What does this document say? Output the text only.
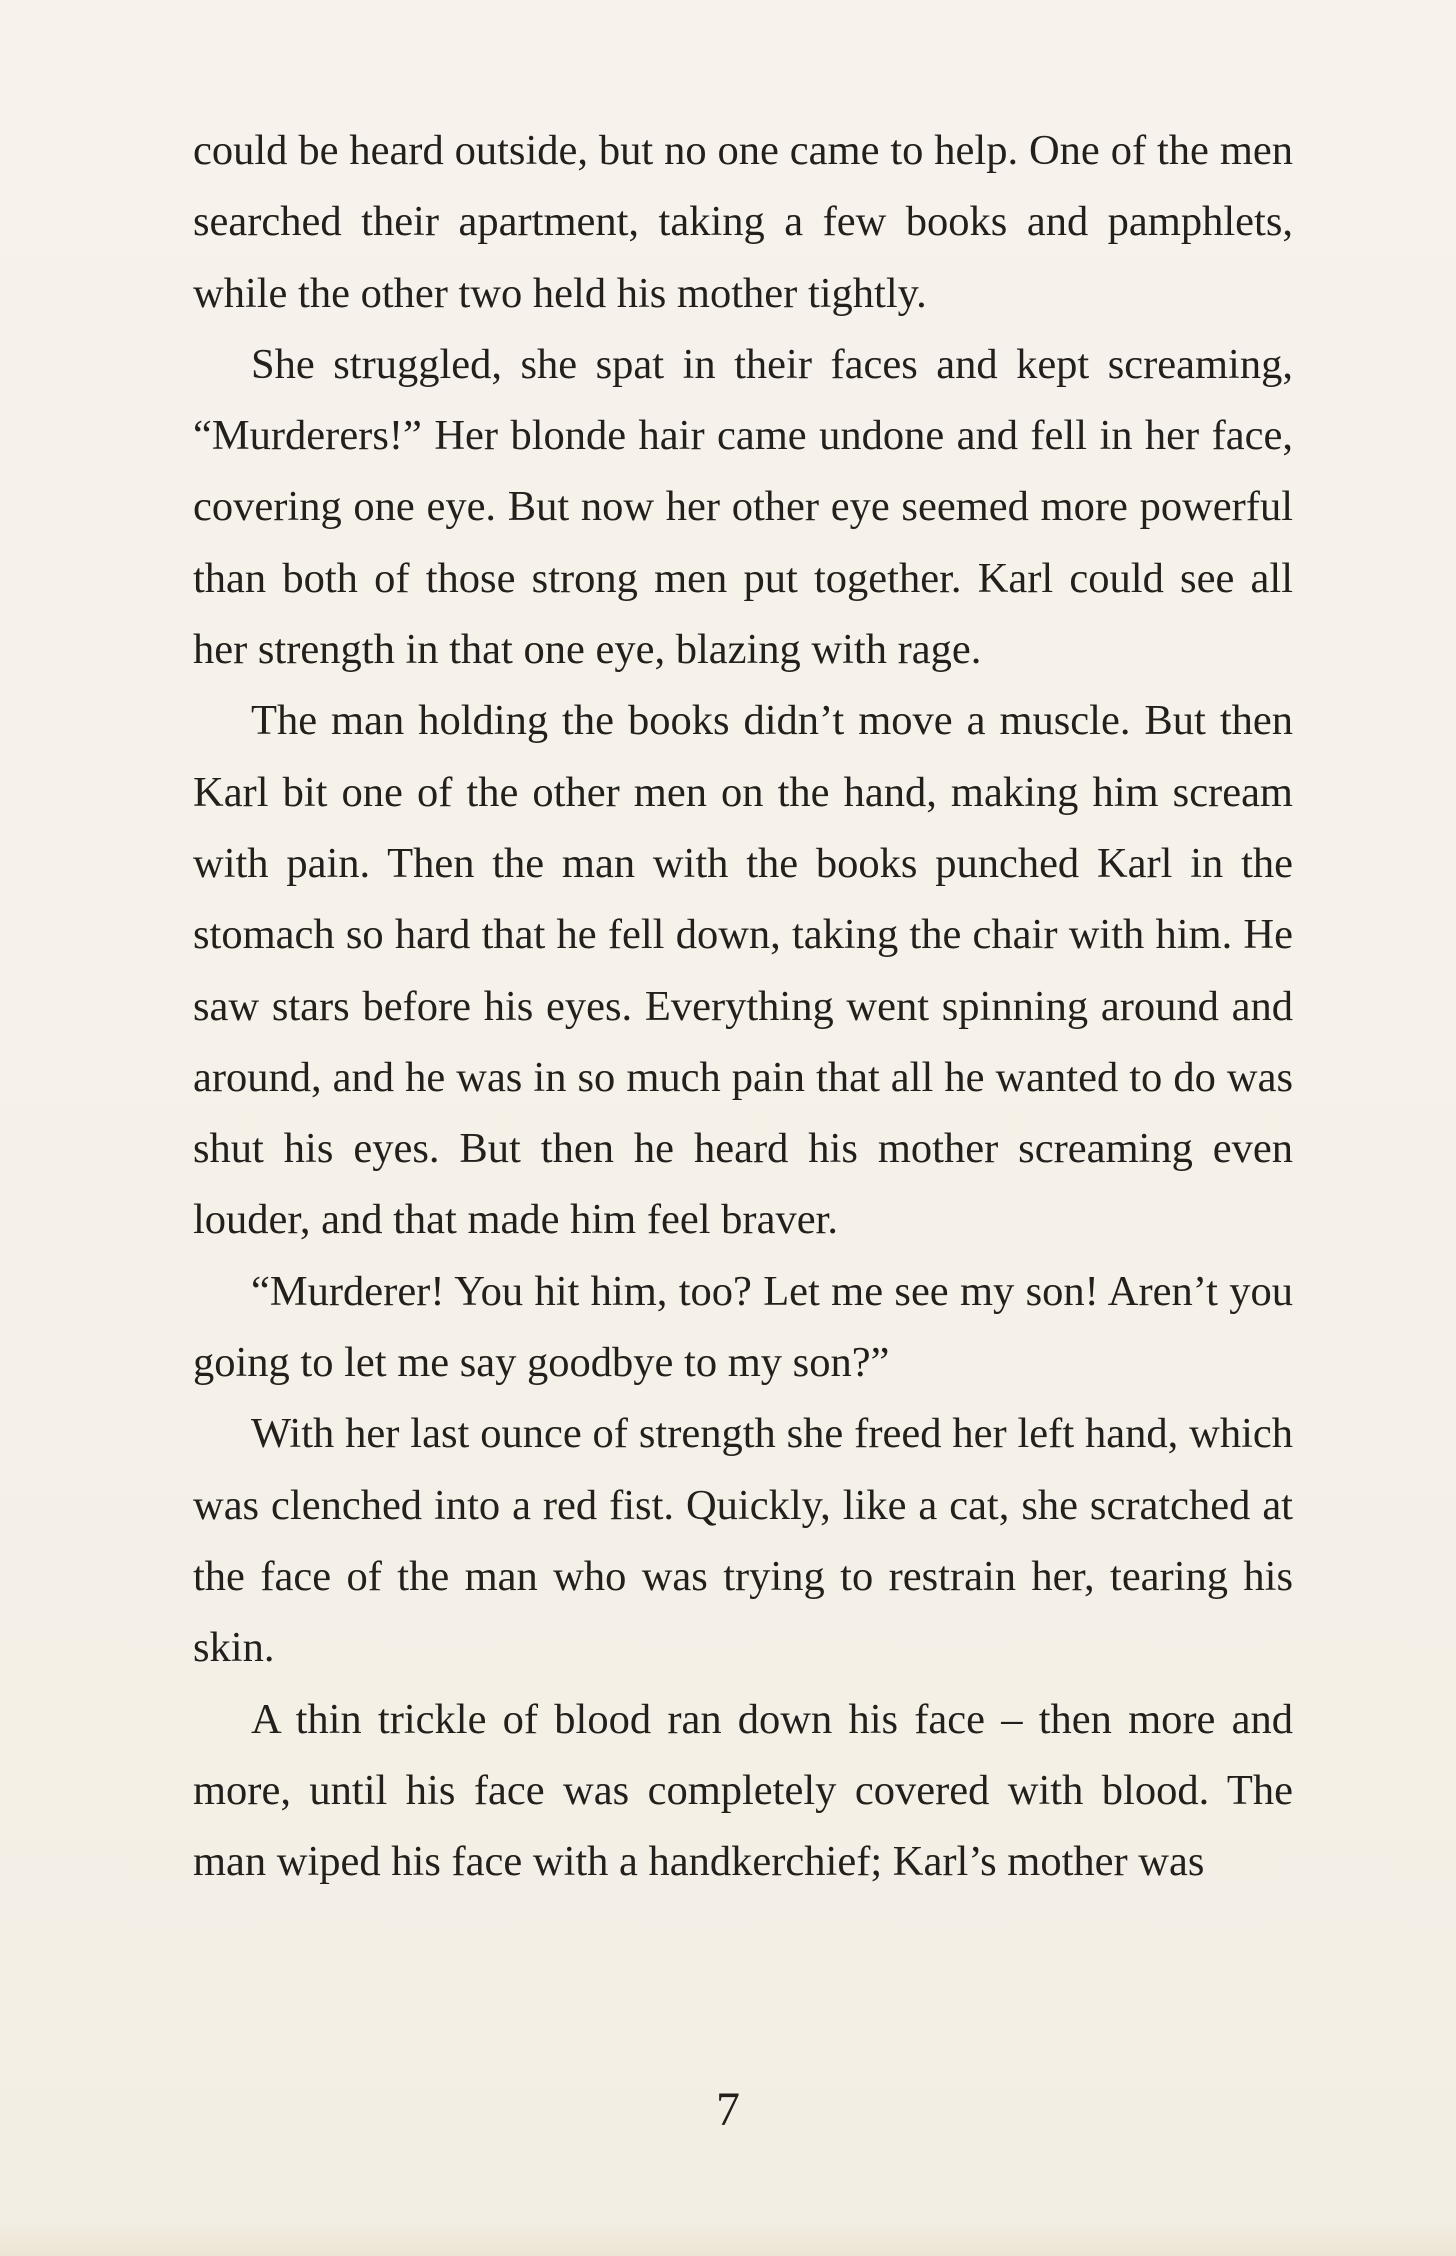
could be heard outside, but no one came to help. One of the men searched their apartment, taking a few books and pamphlets, while the other two held his mother tightly.

She struggled, she spat in their faces and kept screaming, “Murderers!” Her blonde hair came undone and fell in her face, covering one eye. But now her other eye seemed more powerful than both of those strong men put together. Karl could see all her strength in that one eye, blazing with rage.

The man holding the books didn’t move a muscle. But then Karl bit one of the other men on the hand, making him scream with pain. Then the man with the books punched Karl in the stomach so hard that he fell down, taking the chair with him. He saw stars before his eyes. Everything went spinning around and around, and he was in so much pain that all he wanted to do was shut his eyes. But then he heard his mother screaming even louder, and that made him feel braver.

“Murderer! You hit him, too? Let me see my son! Aren’t you going to let me say goodbye to my son?”

With her last ounce of strength she freed her left hand, which was clenched into a red fist. Quickly, like a cat, she scratched at the face of the man who was trying to restrain her, tearing his skin.

A thin trickle of blood ran down his face – then more and more, until his face was completely covered with blood. The man wiped his face with a handkerchief; Karl’s mother was

7
